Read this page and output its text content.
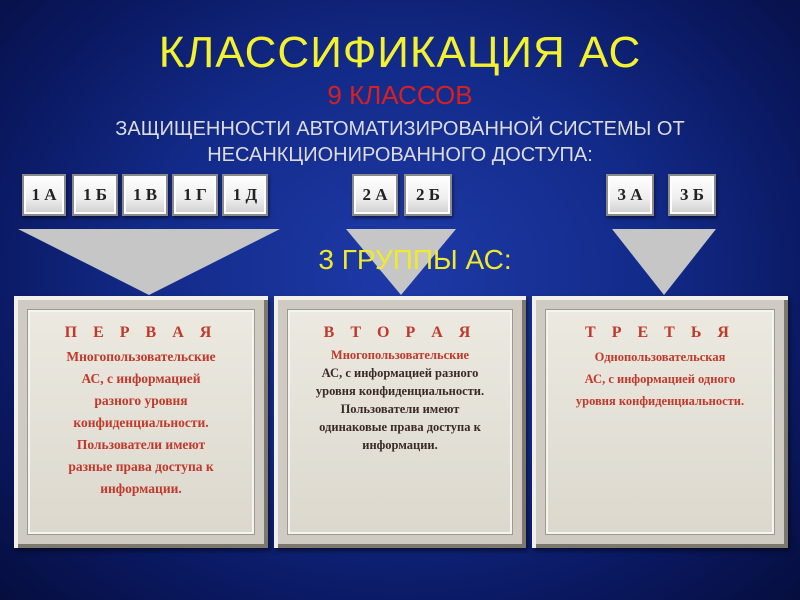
КЛАССИФИКАЦИЯ АС
9 КЛАССОВ
ЗАЩИЩЕННОСТИ АВТОМАТИЗИРОВАННОЙ СИСТЕМЫ ОТ
НЕСАНКЦИОНИРОВАННОГО ДОСТУПА:
1 А	1 Б	1 В	1 Г	1 Д	2 А	2 Б	3 А	3 Б
3 ГРУППЫ АС:
П Е Р В А Я
Многопользовательские
АС, с информацией
разного уровня
конфиденциальности.
Пользователи имеют
разные права доступа к
информации.
В Т О Р А Я
Многопользовательские
АС, с информацией разного
уровня конфиденциальности.
Пользователи имеют
одинаковые права доступа к
информации.
Т Р Е Т Ь Я
Однопользовательская
АС, с информацией одного
уровня конфиденциальности.
